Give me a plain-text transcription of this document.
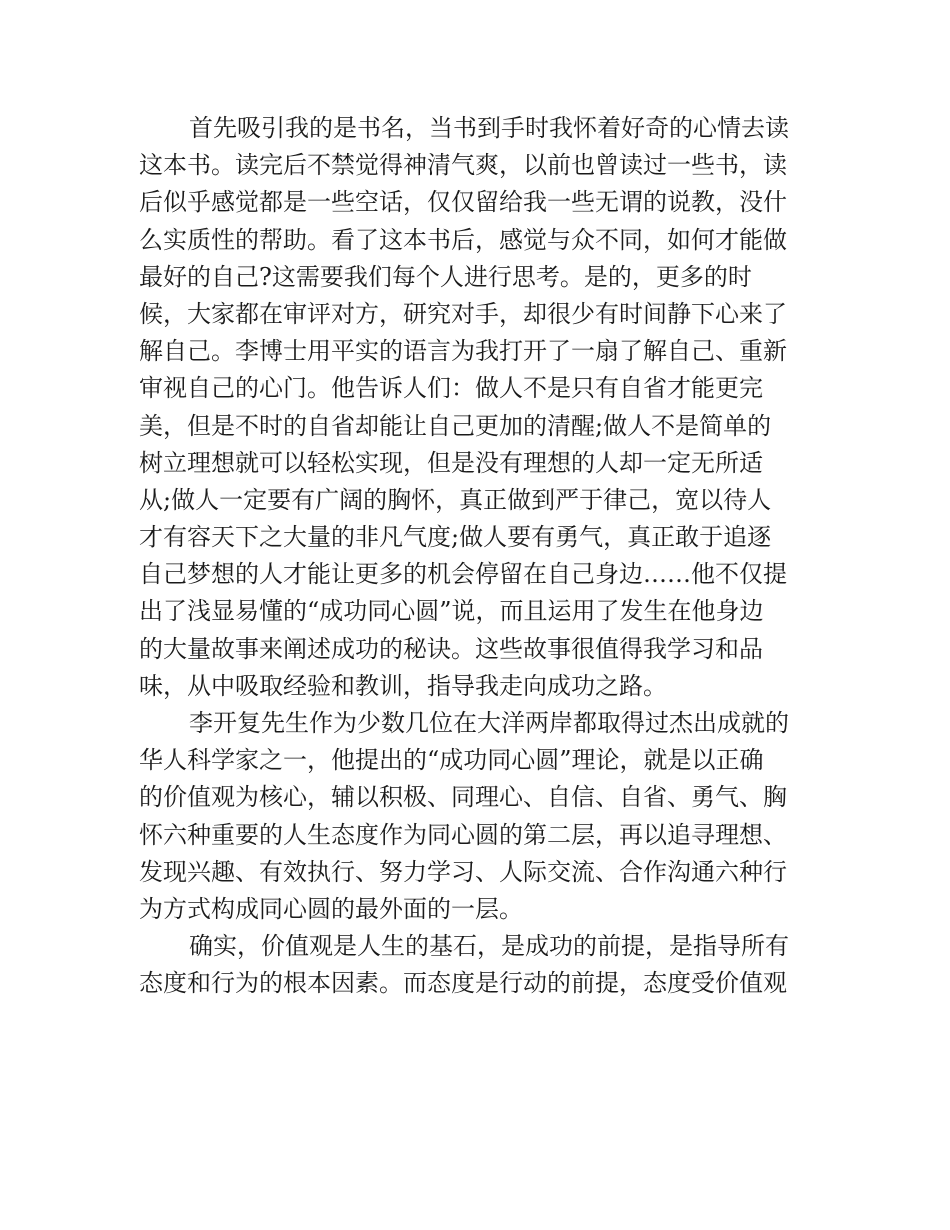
首先吸引我的是书名，当书到手时我怀着好奇的心情去读
这本书。读完后不禁觉得神清气爽，以前也曾读过一些书，读
后似乎感觉都是一些空话，仅仅留给我一些无谓的说教，没什
么实质性的帮助。看了这本书后，感觉与众不同，如何才能做
最好的自己?这需要我们每个人进行思考。是的，更多的时
候，大家都在审评对方，研究对手，却很少有时间静下心来了
解自己。李博士用平实的语言为我打开了一扇了解自己、重新
审视自己的心门。他告诉人们：做人不是只有自省才能更完
美，但是不时的自省却能让自己更加的清醒;做人不是简单的
树立理想就可以轻松实现，但是没有理想的人却一定无所适
从;做人一定要有广阔的胸怀，真正做到严于律己，宽以待人
才有容天下之大量的非凡气度;做人要有勇气，真正敢于追逐
自己梦想的人才能让更多的机会停留在自己身边……他不仅提
出了浅显易懂的“成功同心圆”说，而且运用了发生在他身边
的大量故事来阐述成功的秘诀。这些故事很值得我学习和品
味，从中吸取经验和教训，指导我走向成功之路。
李开复先生作为少数几位在大洋两岸都取得过杰出成就的
华人科学家之一，他提出的“成功同心圆”理论，就是以正确
的价值观为核心，辅以积极、同理心、自信、自省、勇气、胸
怀六种重要的人生态度作为同心圆的第二层，再以追寻理想、
发现兴趣、有效执行、努力学习、人际交流、合作沟通六种行
为方式构成同心圆的最外面的一层。
确实，价值观是人生的基石，是成功的前提，是指导所有
态度和行为的根本因素。而态度是行动的前提，态度受价值观
